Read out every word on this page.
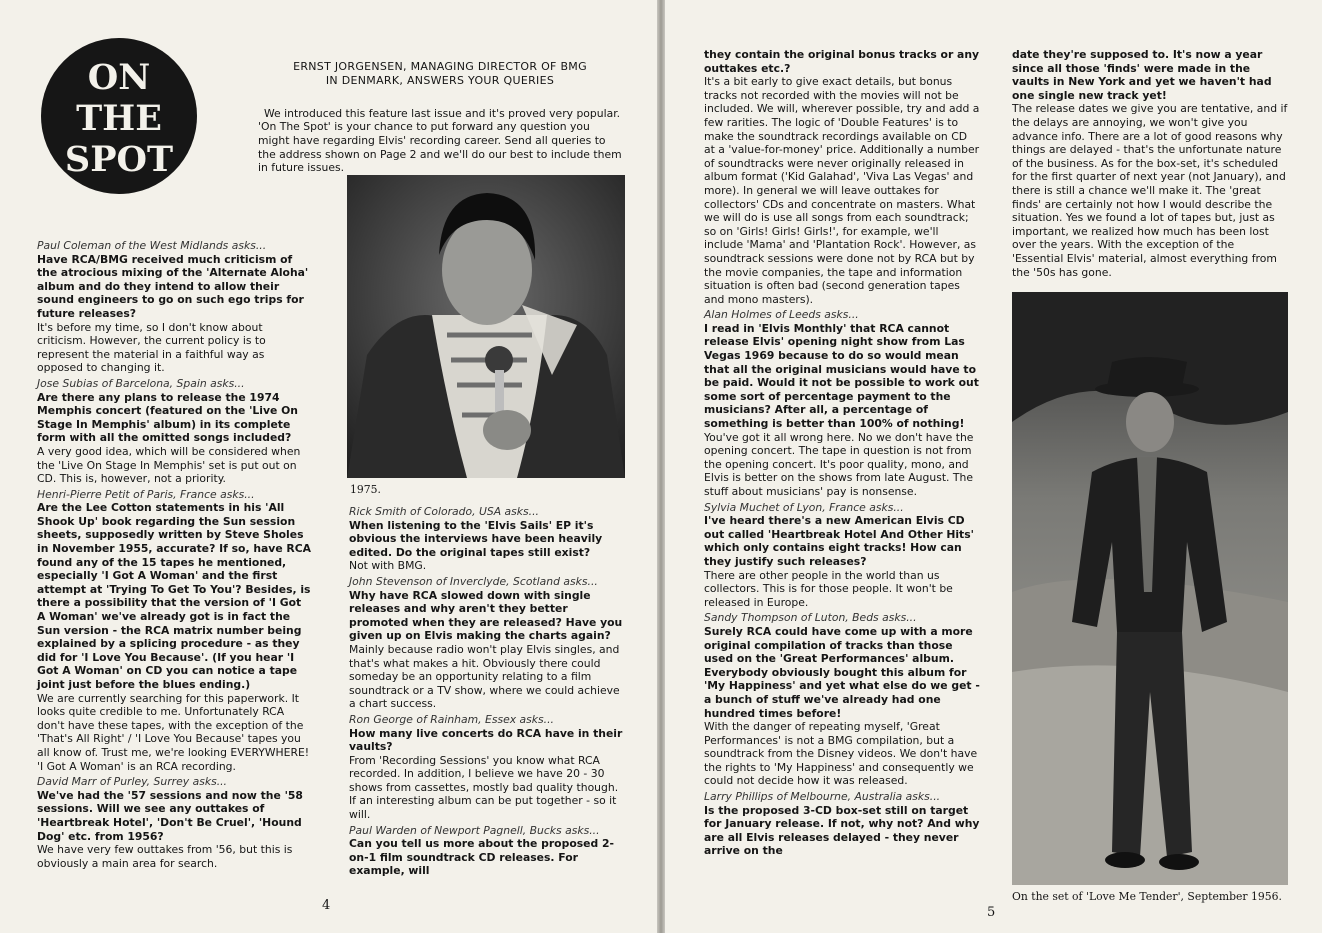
ON
THE
SPOT
ERNST JORGENSEN, MANAGING DIRECTOR OF BMG
IN DENMARK, ANSWERS YOUR QUERIES

We introduced this feature last issue and it's proved very popular. 'On The Spot' is your chance to put forward any question you might have regarding Elvis' recording career. Send all queries to the address shown on Page 2 and we'll do our best to include them in future issues.

Paul Coleman of the West Midlands asks...

Have RCA/BMG received much criticism of the atrocious mixing of the 'Alternate Aloha' album and do they intend to allow their sound engineers to go on such ego trips for future releases?

It's before my time, so I don't know about criticism. However, the current policy is to represent the material in a faithful way as opposed to changing it.

Jose Subias of Barcelona, Spain asks...

Are there any plans to release the 1974 Memphis concert (featured on the 'Live On Stage In Memphis' album) in its complete form with all the omitted songs included?

A very good idea, which will be considered when the 'Live On Stage In Memphis' set is put out on CD. This is, however, not a priority.

Henri-Pierre Petit of Paris, France asks...

Are the Lee Cotton statements in his 'All Shook Up' book regarding the Sun session sheets, supposedly written by Steve Sholes in November 1955, accurate? If so, have RCA found any of the 15 tapes he mentioned, especially 'I Got A Woman' and the first attempt at 'Trying To Get To You'? Besides, is there a possibility that the version of 'I Got A Woman' we've already got is in fact the Sun version - the RCA matrix number being explained by a splicing procedure - as they did for 'I Love You Because'. (If you hear 'I Got A Woman' on CD you can notice a tape joint just before the blues ending.)

We are currently searching for this paperwork. It looks quite credible to me. Unfortunately RCA don't have these tapes, with the exception of the 'That's All Right' / 'I Love You Because' tapes you all know of. Trust me, we're looking EVERYWHERE! 'I Got A Woman' is an RCA recording.

David Marr of Purley, Surrey asks...

We've had the '57 sessions and now the '58 sessions. Will we see any outtakes of 'Heartbreak Hotel', 'Don't Be Cruel', 'Hound Dog' etc. from 1956?

We have very few outtakes from '56, but this is obviously a main area for search.

1975.

Rick Smith of Colorado, USA asks...

When listening to the 'Elvis Sails' EP it's obvious the interviews have been heavily edited. Do the original tapes still exist?

Not with BMG.

John Stevenson of Inverclyde, Scotland asks...

Why have RCA slowed down with single releases and why aren't they better promoted when they are released? Have you given up on Elvis making the charts again?

Mainly because radio won't play Elvis singles, and that's what makes a hit. Obviously there could someday be an opportunity relating to a film soundtrack or a TV show, where we could achieve a chart success.

Ron George of Rainham, Essex asks...

How many live concerts do RCA have in their vaults?

From 'Recording Sessions' you know what RCA recorded. In addition, I believe we have 20 - 30 shows from cassettes, mostly bad quality though. If an interesting album can be put together - so it will.

Paul Warden of Newport Pagnell, Bucks asks...

Can you tell us more about the proposed 2-on-1 film soundtrack CD releases. For example, will

4

they contain the original bonus tracks or any outtakes etc.?

It's a bit early to give exact details, but bonus tracks not recorded with the movies will not be included. We will, wherever possible, try and add a few rarities. The logic of 'Double Features' is to make the soundtrack recordings available on CD at a 'value-for-money' price. Additionally a number of soundtracks were never originally released in album format ('Kid Galahad', 'Viva Las Vegas' and more). In general we will leave outtakes for collectors' CDs and concentrate on masters. What we will do is use all songs from each soundtrack; so on 'Girls! Girls! Girls!', for example, we'll include 'Mama' and 'Plantation Rock'. However, as soundtrack sessions were done not by RCA but by the movie companies, the tape and information situation is often bad (second generation tapes and mono masters).

Alan Holmes of Leeds asks...

I read in 'Elvis Monthly' that RCA cannot release Elvis' opening night show from Las Vegas 1969 because to do so would mean that all the original musicians would have to be paid. Would it not be possible to work out some sort of percentage payment to the musicians? After all, a percentage of something is better than 100% of nothing!

You've got it all wrong here. No we don't have the opening concert. The tape in question is not from the opening concert. It's poor quality, mono, and Elvis is better on the shows from late August. The stuff about musicians' pay is nonsense.

Sylvia Muchet of Lyon, France asks...

I've heard there's a new American Elvis CD out called 'Heartbreak Hotel And Other Hits' which only contains eight tracks! How can they justify such releases?

There are other people in the world than us collectors. This is for those people. It won't be released in Europe.

Sandy Thompson of Luton, Beds asks...

Surely RCA could have come up with a more original compilation of tracks than those used on the 'Great Performances' album. Everybody obviously bought this album for 'My Happiness' and yet what else do we get - a bunch of stuff we've already had one hundred times before!

With the danger of repeating myself, 'Great Performances' is not a BMG compilation, but a soundtrack from the Disney videos. We don't have the rights to 'My Happiness' and consequently we could not decide how it was released.

Larry Phillips of Melbourne, Australia asks...

Is the proposed 3-CD box-set still on target for January release. If not, why not? And why are all Elvis releases delayed - they never arrive on the

date they're supposed to. It's now a year since all those 'finds' were made in the vaults in New York and yet we haven't had one single new track yet!

The release dates we give you are tentative, and if the delays are annoying, we won't give you advance info. There are a lot of good reasons why things are delayed - that's the unfortunate nature of the business. As for the box-set, it's scheduled for the first quarter of next year (not January), and there is still a chance we'll make it. The 'great finds' are certainly not how I would describe the situation. Yes we found a lot of tapes but, just as important, we realized how much has been lost over the years. With the exception of the 'Essential Elvis' material, almost everything from the '50s has gone.

On the set of 'Love Me Tender', September 1956.
5
